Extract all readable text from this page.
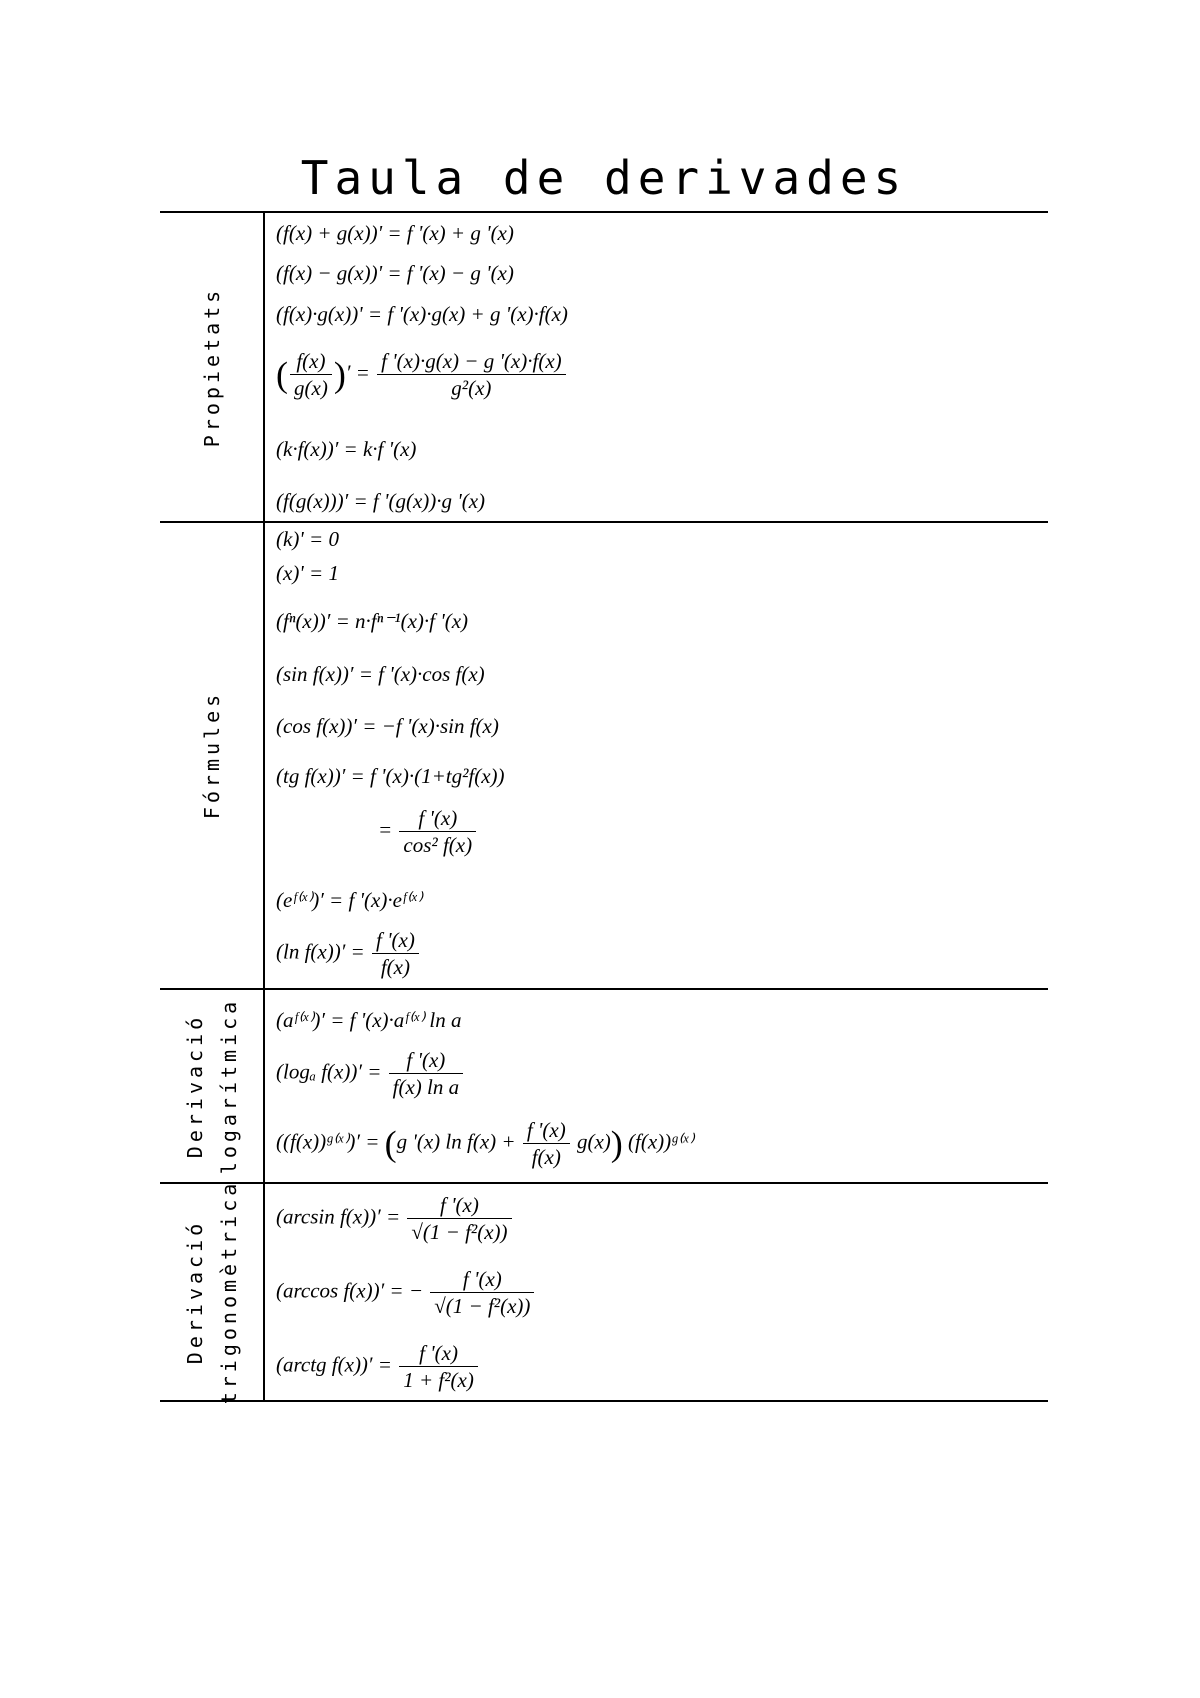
Taula de derivades
Propietats
Fórmules
Derivació logarítmica
Derivació trigonomètrica
(f(x) + g(x))' = f '(x) + g '(x)
(f(x) − g(x))' = f '(x) − g '(x)
(f(x)·g(x))' = f '(x)·g(x) + g '(x)·f(x)
( $\frac{f(x)}{g(x)}$ )′ = $\frac{f '(x)\cdot g(x) - g '(x)\cdot f(x)}{\text{g²(x)}}$
(k·f(x))′ = k·f '(x)
(f(g(x)))′ = f '(g(x))·g '(x)
(k)' = 0
(x)' = 1
(fⁿ(x))′ = n·fⁿ⁻¹(x)·f '(x)
(sin f(x))′ = f '(x)·cos f(x)
(cos f(x))′ = −f '(x)·sin f(x)
(tg f(x))′ = f '(x)·(1+tg²f(x))
= $\frac{f '(x)}{\text{cos² f(x)}}$
(eᶠ⁽ˣ⁾)′ = f '(x)·eᶠ⁽ˣ⁾
(ln $f(x))' = \frac{f '(x)}{f(x)}$
(aᶠ⁽ˣ⁾)′ = f '(x)·aᶠ⁽ˣ⁾ ln a
(logₐ $f(x))' = \frac{f '(x)}{\text{f(x) ln a}}$
((f(x))ᵍ⁽ˣ⁾)′ = (g '(x) $\ln f(x) + \frac{f '(x)}{f(x)} g(x)$) (f(x))ᵍ⁽ˣ⁾
(arcsin $f(x))' = \frac{f '(x)}{\text{√(1 − f²(x))}}$
(arccos f(x))′ = − $\frac{f '(x)}{\text{√(1 − f²(x))}}$
(arctg $f(x))' = \frac{f '(x)}{\text{1 + f²(x)}}$
